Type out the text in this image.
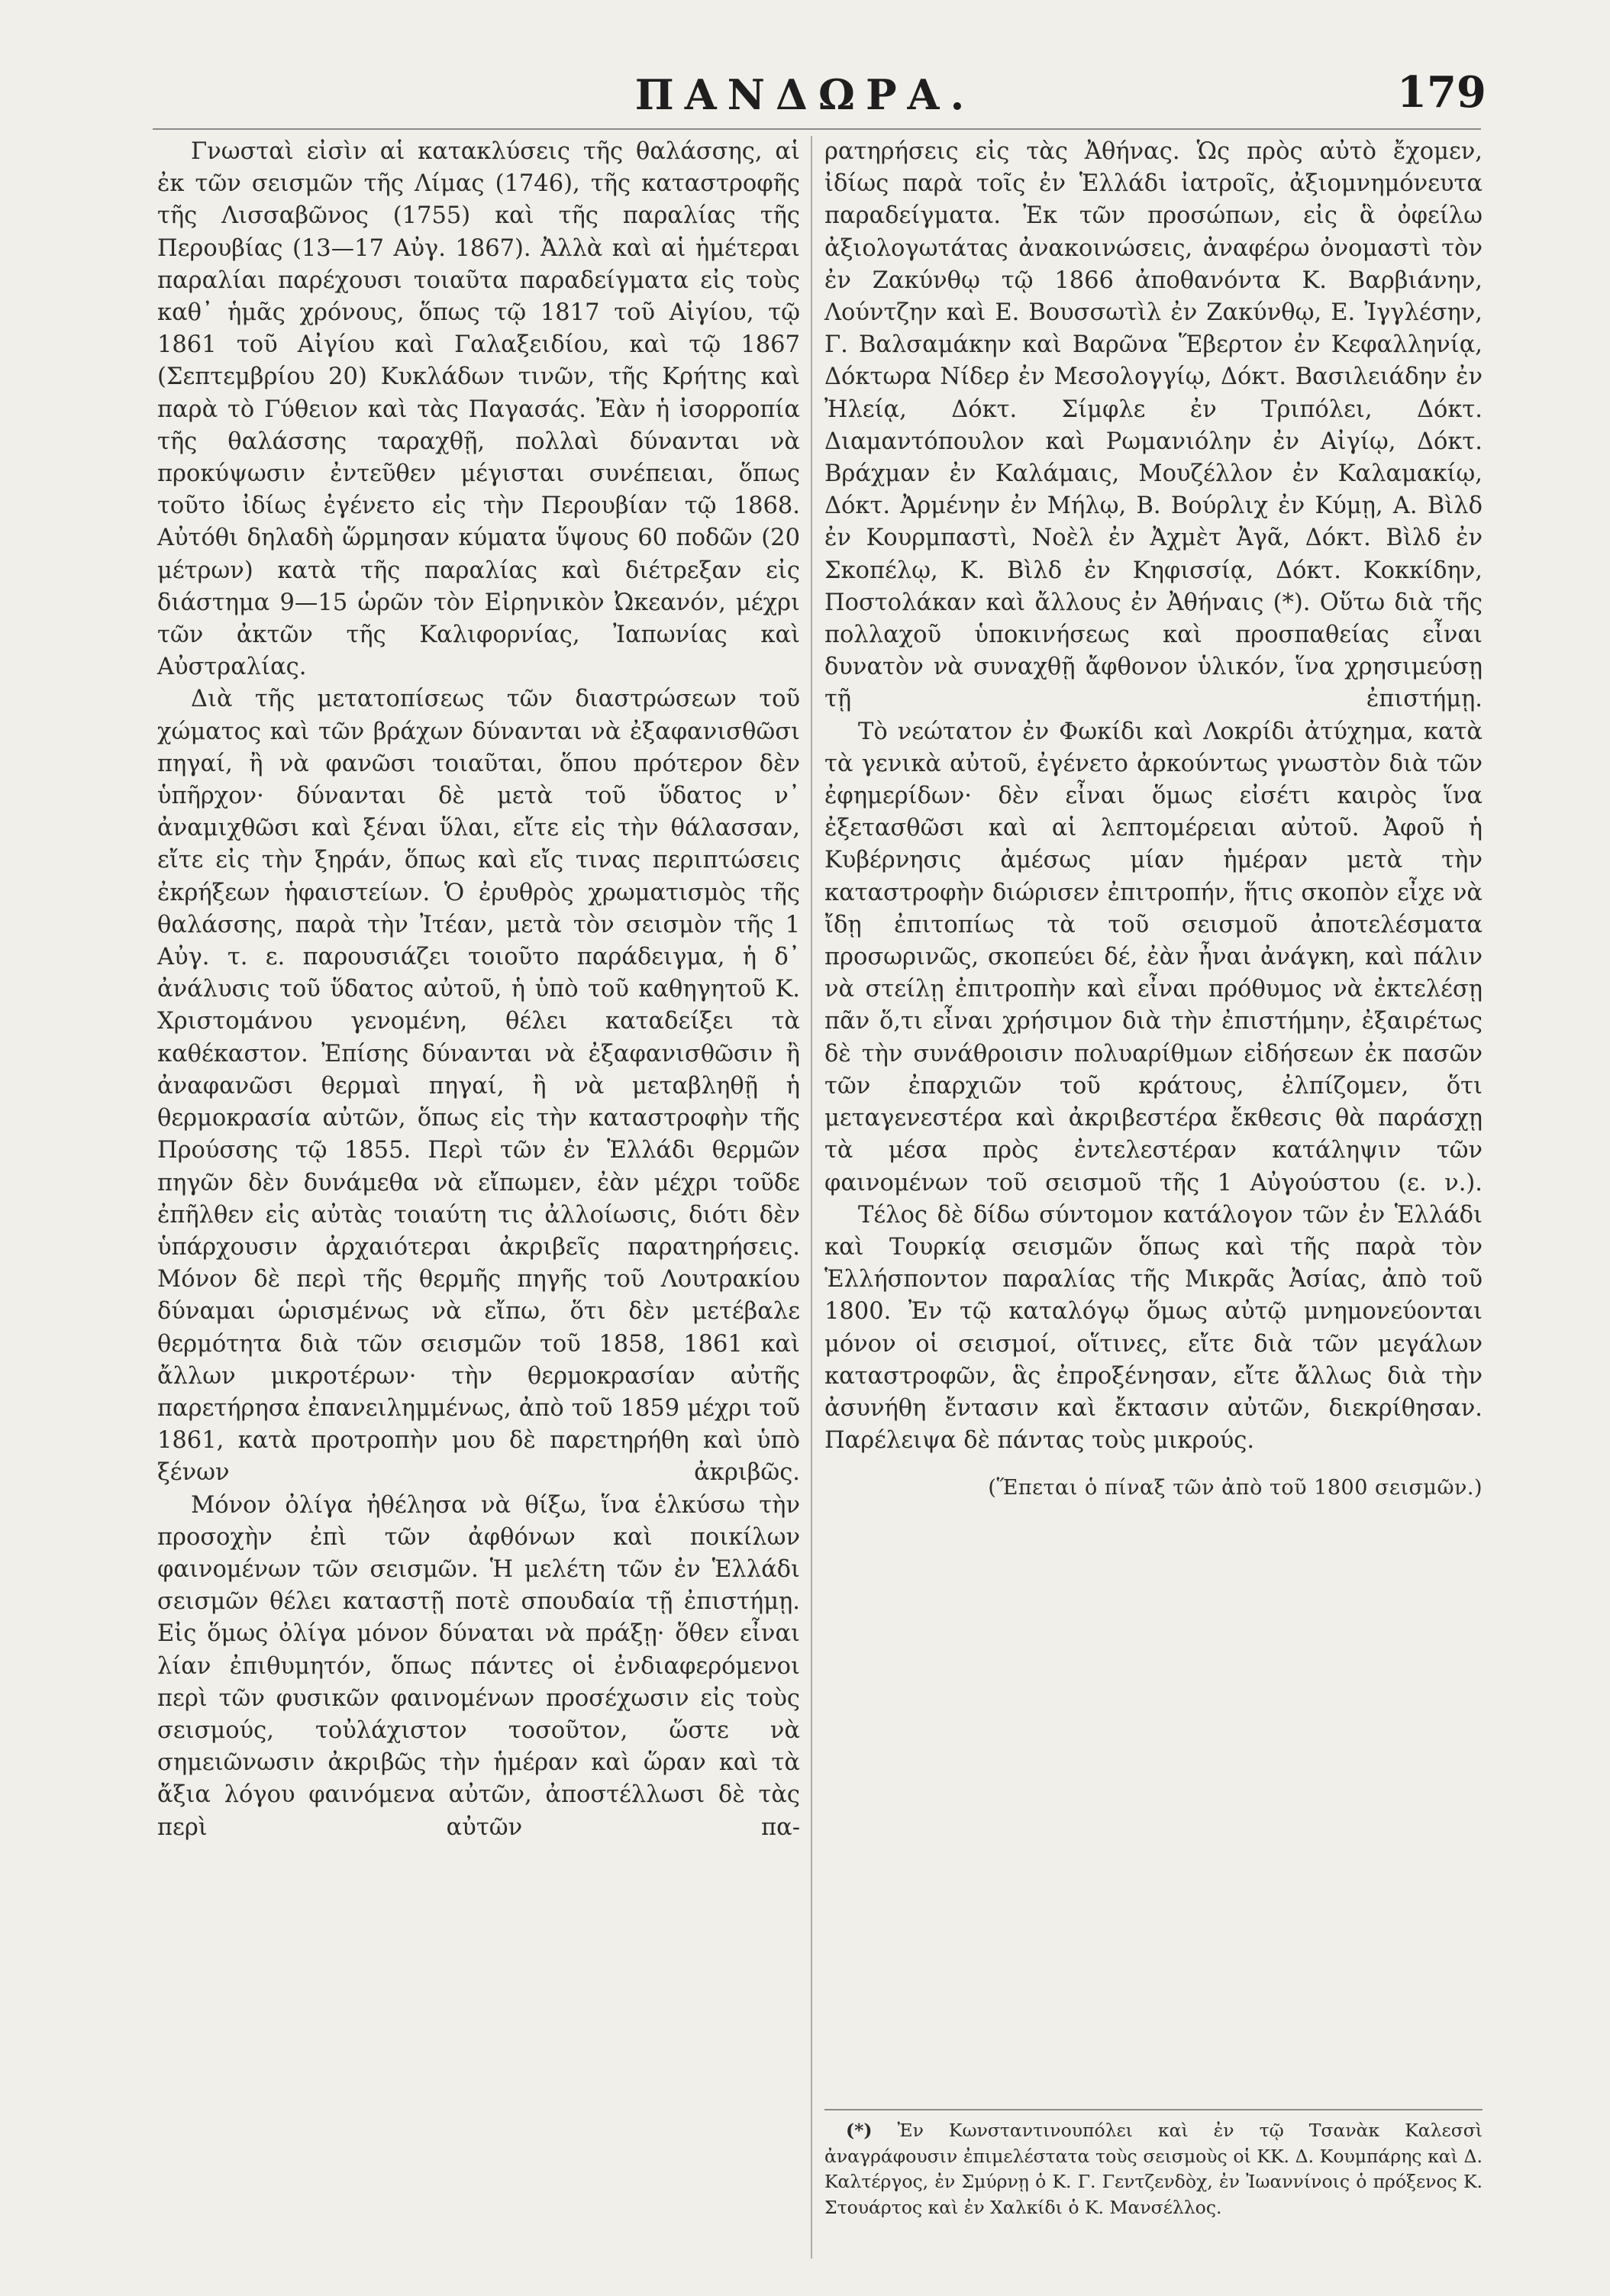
ΠΑΝΔΩΡΑ.	179

Γνωσταὶ εἰσὶν αἱ κατακλύσεις τῆς θαλάσσης, αἱ ἐκ τῶν σεισμῶν τῆς Λίμας (1746), τῆς καταστροφῆς τῆς Λισσαβῶνος (1755) καὶ τῆς παραλίας τῆς Περουβίας (13—17 Αὐγ. 1867). Ἀλλὰ καὶ αἱ ἡμέτεραι παραλίαι παρέχουσι τοιαῦτα παραδείγματα εἰς τοὺς καθ᾽ ἡμᾶς χρόνους, ὅπως τῷ 1817 τοῦ Αἰγίου, τῷ 1861 τοῦ Αἰγίου καὶ Γαλαξειδίου, καὶ τῷ 1867 (Σεπτεμβρίου 20) Κυκλάδων τινῶν, τῆς Κρήτης καὶ παρὰ τὸ Γύθειον καὶ τὰς Παγασάς. Ἐὰν ἡ ἰσορροπία τῆς θαλάσσης ταραχθῇ, πολλαὶ δύνανται νὰ προκύψωσιν ἐντεῦθεν μέγισται συνέπειαι, ὅπως τοῦτο ἰδίως ἐγένετο εἰς τὴν Περουβίαν τῷ 1868. Αὐτόθι δηλαδὴ ὥρμησαν κύματα ὕψους 60 ποδῶν (20 μέτρων) κατὰ τῆς παραλίας καὶ διέτρεξαν εἰς διάστημα 9—15 ὡρῶν τὸν Εἰρηνικὸν Ὠκεανόν, μέχρι τῶν ἀκτῶν τῆς Καλιφορνίας, Ἰαπωνίας καὶ Αὐστραλίας.

Διὰ τῆς μετατοπίσεως τῶν διαστρώσεων τοῦ χώματος καὶ τῶν βράχων δύνανται νὰ ἐξαφανισθῶσι πηγαί, ἢ νὰ φανῶσι τοιαῦται, ὅπου πρότερον δὲν ὑπῆρχον· δύνανται δὲ μετὰ τοῦ ὕδατος ν᾽ ἀναμιχθῶσι καὶ ξέναι ὕλαι, εἴτε εἰς τὴν θάλασσαν, εἴτε εἰς τὴν ξηράν, ὅπως καὶ εἴς τινας περιπτώσεις ἐκρήξεων ἡφαιστείων. Ὁ ἐρυθρὸς χρωματισμὸς τῆς θαλάσσης, παρὰ τὴν Ἰτέαν, μετὰ τὸν σεισμὸν τῆς 1 Αὐγ. τ. ε. παρουσιάζει τοιοῦτο παράδειγμα, ἡ δ᾽ ἀνάλυσις τοῦ ὕδατος αὐτοῦ, ἡ ὑπὸ τοῦ καθηγητοῦ Κ. Χριστομάνου γενομένη, θέλει καταδείξει τὰ καθέκαστον. Ἐπίσης δύνανται νὰ ἐξαφανισθῶσιν ἢ ἀναφανῶσι θερμαὶ πηγαί, ἢ νὰ μεταβληθῇ ἡ θερμοκρασία αὐτῶν, ὅπως εἰς τὴν καταστροφὴν τῆς Προύσσης τῷ 1855. Περὶ τῶν ἐν Ἑλλάδι θερμῶν πηγῶν δὲν δυνάμεθα νὰ εἴπωμεν, ἐὰν μέχρι τοῦδε ἐπῆλθεν εἰς αὐτὰς τοιαύτη τις ἀλλοίωσις, διότι δὲν ὑπάρχουσιν ἀρχαιότεραι ἀκριβεῖς παρατηρήσεις. Μόνον δὲ περὶ τῆς θερμῆς πηγῆς τοῦ Λουτρακίου δύναμαι ὡρισμένως νὰ εἴπω, ὅτι δὲν μετέβαλε θερμότητα διὰ τῶν σεισμῶν τοῦ 1858, 1861 καὶ ἄλλων μικροτέρων· τὴν θερμοκρασίαν αὐτῆς παρετήρησα ἐπανειλημμένως, ἀπὸ τοῦ 1859 μέχρι τοῦ 1861, κατὰ προτροπὴν μου δὲ παρετηρήθη καὶ ὑπὸ ξένων ἀκριβῶς.

Μόνον ὀλίγα ἠθέλησα νὰ θίξω, ἵνα ἑλκύσω τὴν προσοχὴν ἐπὶ τῶν ἀφθόνων καὶ ποικίλων φαινομένων τῶν σεισμῶν. Ἡ μελέτη τῶν ἐν Ἑλλάδι σεισμῶν θέλει καταστῇ ποτὲ σπουδαία τῇ ἐπιστήμῃ. Εἰς ὅμως ὀλίγα μόνον δύναται νὰ πράξῃ· ὅθεν εἶναι λίαν ἐπιθυμητόν, ὅπως πάντες οἱ ἐνδιαφερόμενοι περὶ τῶν φυσικῶν φαινομένων προσέχωσιν εἰς τοὺς σεισμούς, τοὐλάχιστον τοσοῦτον, ὥστε νὰ σημειῶνωσιν ἀκριβῶς τὴν ἡμέραν καὶ ὥραν καὶ τὰ ἄξια λόγου φαινόμενα αὐτῶν, ἀποστέλλωσι δὲ τὰς περὶ αὐτῶν πα-

ρατηρήσεις εἰς τὰς Ἀθήνας. Ὡς πρὸς αὐτὸ ἔχομεν, ἰδίως παρὰ τοῖς ἐν Ἑλλάδι ἰατροῖς, ἀξιομνημόνευτα παραδείγματα. Ἐκ τῶν προσώπων, εἰς ἃ ὀφείλω ἀξιολογωτάτας ἀνακοινώσεις, ἀναφέρω ὀνομαστὶ τὸν ἐν Ζακύνθῳ τῷ 1866 ἀποθανόντα Κ. Βαρβιάνην, Λούντζην καὶ Ε. Βουσσωτὶλ ἐν Ζακύνθῳ, Ε. Ἰγγλέσην, Γ. Βαλσαμάκην καὶ Βαρῶνα Ἕβερτον ἐν Κεφαλληνίᾳ, Δόκτωρα Νίδερ ἐν Μεσολογγίῳ, Δόκτ. Βασιλειάδην ἐν Ἠλείᾳ, Δόκτ. Σίμφλε ἐν Τριπόλει, Δόκτ. Διαμαντόπουλον καὶ Ρωμανιόλην ἐν Αἰγίῳ, Δόκτ. Βράχμαν ἐν Καλάμαις, Μουζέλλον ἐν Καλαμακίῳ, Δόκτ. Ἀρμένην ἐν Μήλῳ, Β. Βούρλιχ ἐν Κύμῃ, Α. Βὶλδ ἐν Κουρμπαστὶ, Νοὲλ ἐν Ἀχμὲτ Ἀγᾶ, Δόκτ. Βὶλδ ἐν Σκοπέλῳ, Κ. Βὶλδ ἐν Κηφισσίᾳ, Δόκτ. Κοκκίδην, Ποστολάκαν καὶ ἄλλους ἐν Ἀθήναις (*). Οὕτω διὰ τῆς πολλαχοῦ ὑποκινήσεως καὶ προσπαθείας εἶναι δυνατὸν νὰ συναχθῇ ἄφθονον ὑλικόν, ἵνα χρησιμεύσῃ τῇ ἐπιστήμῃ.

Τὸ νεώτατον ἐν Φωκίδι καὶ Λοκρίδι ἀτύχημα, κατὰ τὰ γενικὰ αὐτοῦ, ἐγένετο ἀρκούντως γνωστὸν διὰ τῶν ἐφημερίδων· δὲν εἶναι ὅμως εἰσέτι καιρὸς ἵνα ἐξετασθῶσι καὶ αἱ λεπτομέρειαι αὐτοῦ. Ἀφοῦ ἡ Κυβέρνησις ἀμέσως μίαν ἡμέραν μετὰ τὴν καταστροφὴν διώρισεν ἐπιτροπήν, ἥτις σκοπὸν εἶχε νὰ ἴδῃ ἐπιτοπίως τὰ τοῦ σεισμοῦ ἀποτελέσματα προσωρινῶς, σκοπεύει δέ, ἐὰν ἦναι ἀνάγκη, καὶ πάλιν νὰ στείλῃ ἐπιτροπὴν καὶ εἶναι πρόθυμος νὰ ἐκτελέσῃ πᾶν ὅ,τι εἶναι χρήσιμον διὰ τὴν ἐπιστήμην, ἐξαιρέτως δὲ τὴν συνάθροισιν πολυαρίθμων εἰδήσεων ἐκ πασῶν τῶν ἐπαρχιῶν τοῦ κράτους, ἐλπίζομεν, ὅτι μεταγενεστέρα καὶ ἀκριβεστέρα ἔκθεσις θὰ παράσχῃ τὰ μέσα πρὸς ἐντελεστέραν κατάληψιν τῶν φαινομένων τοῦ σεισμοῦ τῆς 1 Αὐγούστου (ε. ν.).

Τέλος δὲ δίδω σύντομον κατάλογον τῶν ἐν Ἑλλάδι καὶ Τουρκίᾳ σεισμῶν ὅπως καὶ τῆς παρὰ τὸν Ἑλλήσποντον παραλίας τῆς Μικρᾶς Ἀσίας, ἀπὸ τοῦ 1800. Ἐν τῷ καταλόγῳ ὅμως αὐτῷ μνημονεύονται μόνον οἱ σεισμοί, οἵτινες, εἴτε διὰ τῶν μεγάλων καταστροφῶν, ἃς ἐπροξένησαν, εἴτε ἄλλως διὰ τὴν ἀσυνήθη ἔντασιν καὶ ἔκτασιν αὐτῶν, διεκρίθησαν. Παρέλειψα δὲ πάντας τοὺς μικρούς.

(Ἕπεται ὁ πίναξ τῶν ἀπὸ τοῦ 1800 σεισμῶν.)

(*) Ἐν Κωνσταντινουπόλει καὶ ἐν τῷ Τσανὰκ Καλεσσὶ ἀναγράφουσιν ἐπιμελέστατα τοὺς σεισμοὺς οἱ ΚΚ. Δ. Κουμπάρης καὶ Δ. Καλτέργος, ἐν Σμύρνῃ ὁ Κ. Γ. Γεντζενδὸχ, ἐν Ἰωαννίνοις ὁ πρόξενος Κ. Στουάρτος καὶ ἐν Χαλκίδι ὁ Κ. Μανσέλλος.
